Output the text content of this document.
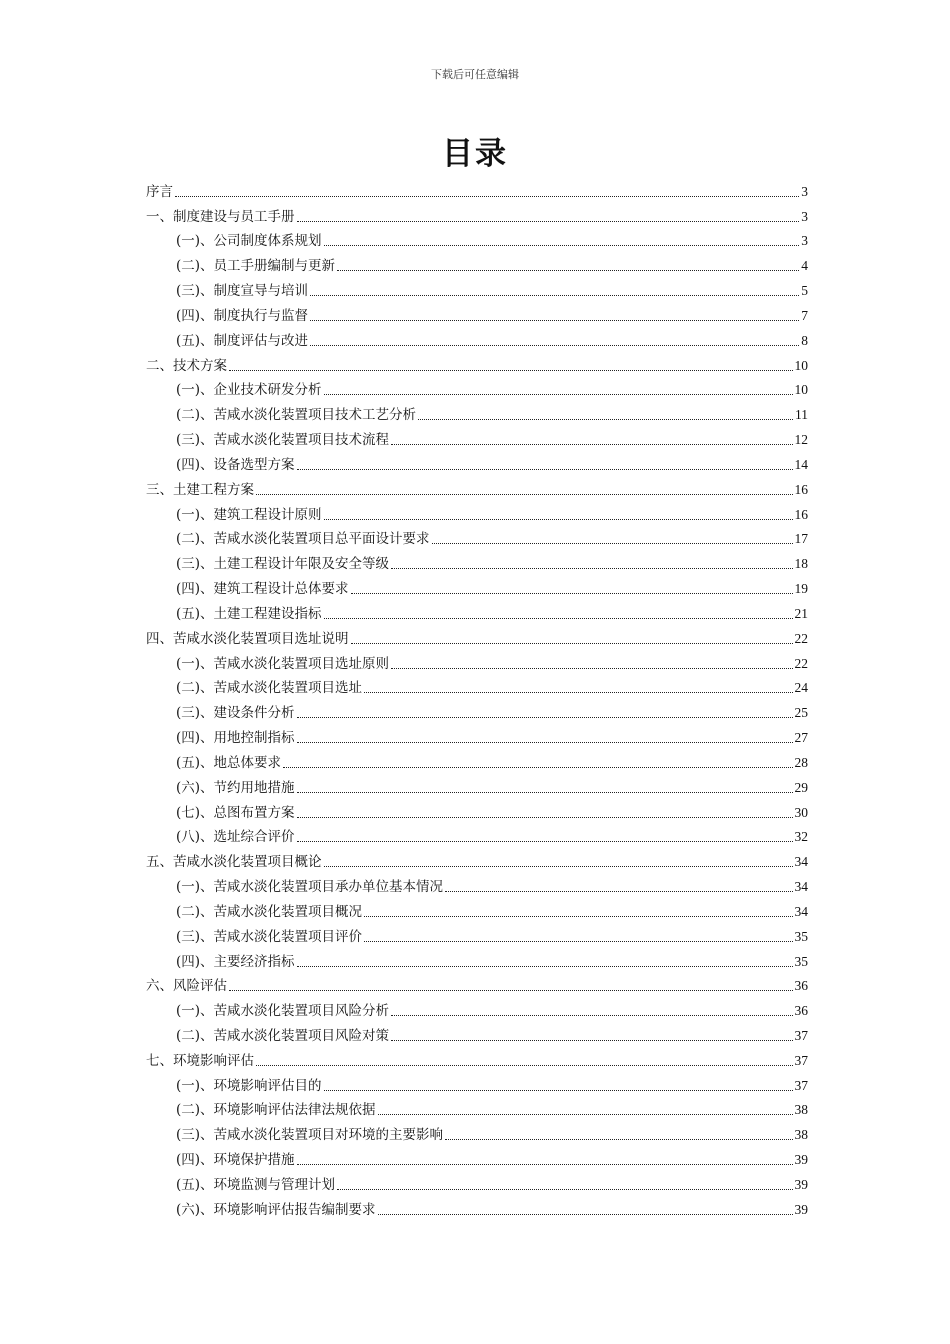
下载后可任意编辑
目录
序言	3
一、制度建设与员工手册	3
(一)、公司制度体系规划	3
(二)、员工手册编制与更新	4
(三)、制度宣导与培训	5
(四)、制度执行与监督	7
(五)、制度评估与改进	8
二、技术方案	10
(一)、企业技术研发分析	10
(二)、苦咸水淡化装置项目技术工艺分析	11
(三)、苦咸水淡化装置项目技术流程	12
(四)、设备选型方案	14
三、土建工程方案	16
(一)、建筑工程设计原则	16
(二)、苦咸水淡化装置项目总平面设计要求	17
(三)、土建工程设计年限及安全等级	18
(四)、建筑工程设计总体要求	19
(五)、土建工程建设指标	21
四、苦咸水淡化装置项目选址说明	22
(一)、苦咸水淡化装置项目选址原则	22
(二)、苦咸水淡化装置项目选址	24
(三)、建设条件分析	25
(四)、用地控制指标	27
(五)、地总体要求	28
(六)、节约用地措施	29
(七)、总图布置方案	30
(八)、选址综合评价	32
五、苦咸水淡化装置项目概论	34
(一)、苦咸水淡化装置项目承办单位基本情况	34
(二)、苦咸水淡化装置项目概况	34
(三)、苦咸水淡化装置项目评价	35
(四)、主要经济指标	35
六、风险评估	36
(一)、苦咸水淡化装置项目风险分析	36
(二)、苦咸水淡化装置项目风险对策	37
七、环境影响评估	37
(一)、环境影响评估目的	37
(二)、环境影响评估法律法规依据	38
(三)、苦咸水淡化装置项目对环境的主要影响	38
(四)、环境保护措施	39
(五)、环境监测与管理计划	39
(六)、环境影响评估报告编制要求	39
